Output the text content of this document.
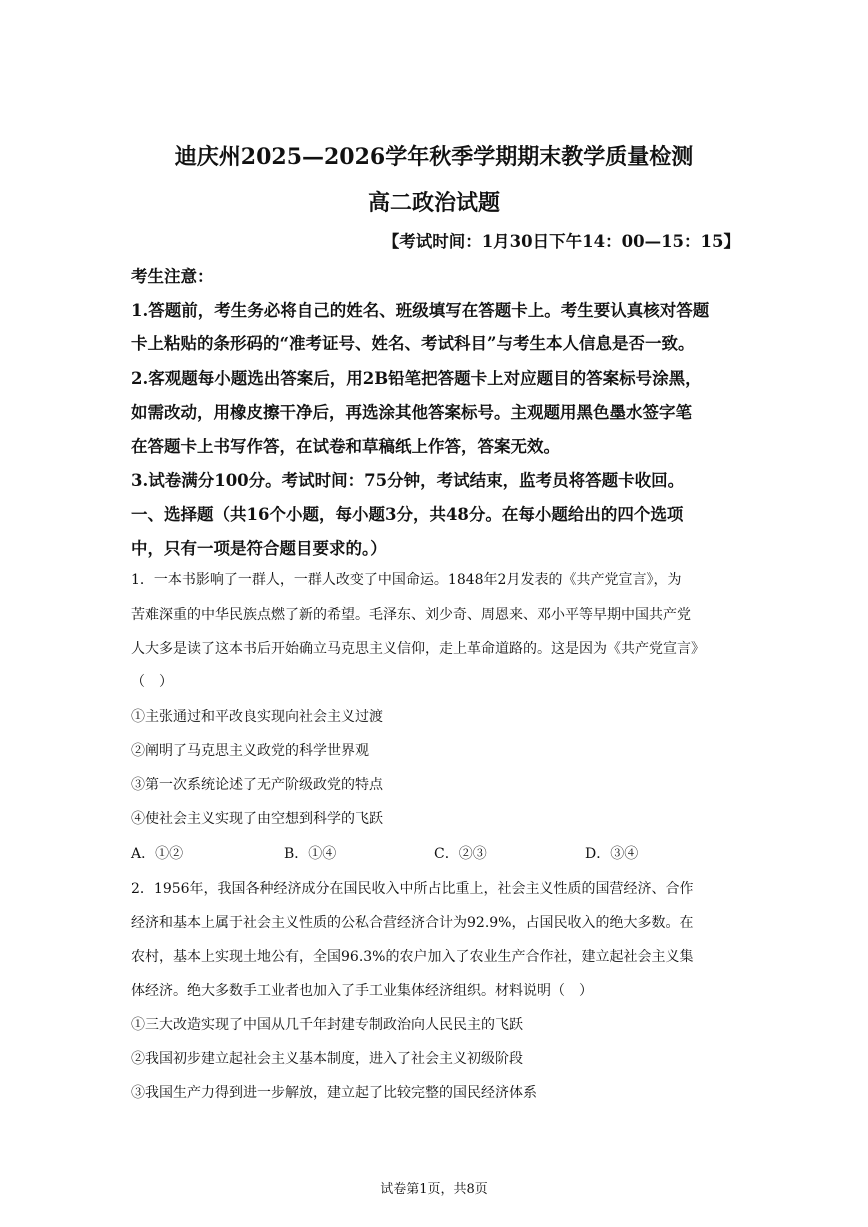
迪庆州2025—2026学年秋季学期期末教学质量检测
高二政治试题
【考试时间：1月30日下午14：00—15：15】
考生注意：
1.答题前，考生务必将自己的姓名、班级填写在答题卡上。考生要认真核对答题
卡上粘贴的条形码的“准考证号、姓名、考试科目”与考生本人信息是否一致。
2.客观题每小题选出答案后，用2B铅笔把答题卡上对应题目的答案标号涂黑，
如需改动，用橡皮擦干净后，再选涂其他答案标号。主观题用黑色墨水签字笔
在答题卡上书写作答，在试卷和草稿纸上作答，答案无效。
3.试卷满分100分。考试时间：75分钟，考试结束，监考员将答题卡收回。
一、选择题（共16个小题，每小题3分，共48分。在每小题给出的四个选项
中，只有一项是符合题目要求的。）
1．一本书影响了一群人，一群人改变了中国命运。1848年2月发表的《共产党宣言》，为
苦难深重的中华民族点燃了新的希望。毛泽东、刘少奇、周恩来、邓小平等早期中国共产党
人大多是读了这本书后开始确立马克思主义信仰，走上革命道路的。这是因为《共产党宣言》
（　）
①主张通过和平改良实现向社会主义过渡
②阐明了马克思主义政党的科学世界观
③第一次系统论述了无产阶级政党的特点
④使社会主义实现了由空想到科学的飞跃
A．①②	B．①④	C．②③	D．③④
2．1956年，我国各种经济成分在国民收入中所占比重上，社会主义性质的国营经济、合作
经济和基本上属于社会主义性质的公私合营经济合计为92.9%，占国民收入的绝大多数。在
农村，基本上实现土地公有，全国96.3%的农户加入了农业生产合作社，建立起社会主义集
体经济。绝大多数手工业者也加入了手工业集体经济组织。材料说明（　）
①三大改造实现了中国从几千年封建专制政治向人民民主的飞跃
②我国初步建立起社会主义基本制度，进入了社会主义初级阶段
③我国生产力得到进一步解放，建立起了比较完整的国民经济体系
试卷第1页，共8页
